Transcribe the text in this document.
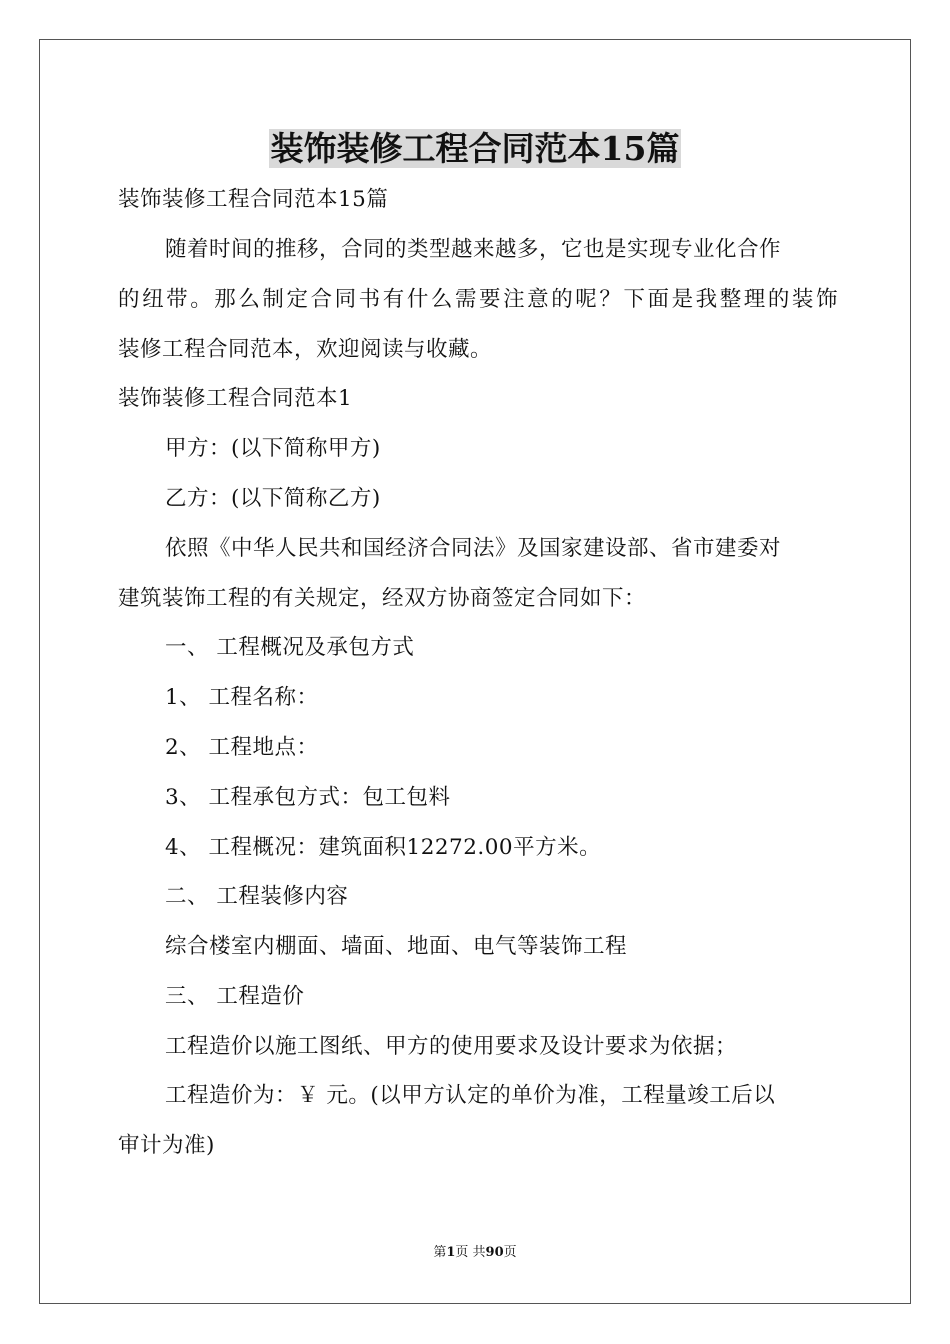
装饰装修工程合同范本15篇
装饰装修工程合同范本15篇
随着时间的推移，合同的类型越来越多，它也是实现专业化合作
的纽带。那么制定合同书有什么需要注意的呢？下面是我整理的装饰
装修工程合同范本，欢迎阅读与收藏。
装饰装修工程合同范本1
甲方：(以下简称甲方)
乙方：(以下简称乙方)
依照《中华人民共和国经济合同法》及国家建设部、省市建委对
建筑装饰工程的有关规定，经双方协商签定合同如下：
一、 工程概况及承包方式
1、 工程名称：
2、 工程地点：
3、 工程承包方式：包工包料
4、 工程概况：建筑面积12272.00平方米。
二、 工程装修内容
综合楼室内棚面、墙面、地面、电气等装饰工程
三、 工程造价
工程造价以施工图纸、甲方的使用要求及设计要求为依据；
工程造价为：￥ 元。(以甲方认定的单价为准，工程量竣工后以
审计为准)
第1页 共90页
